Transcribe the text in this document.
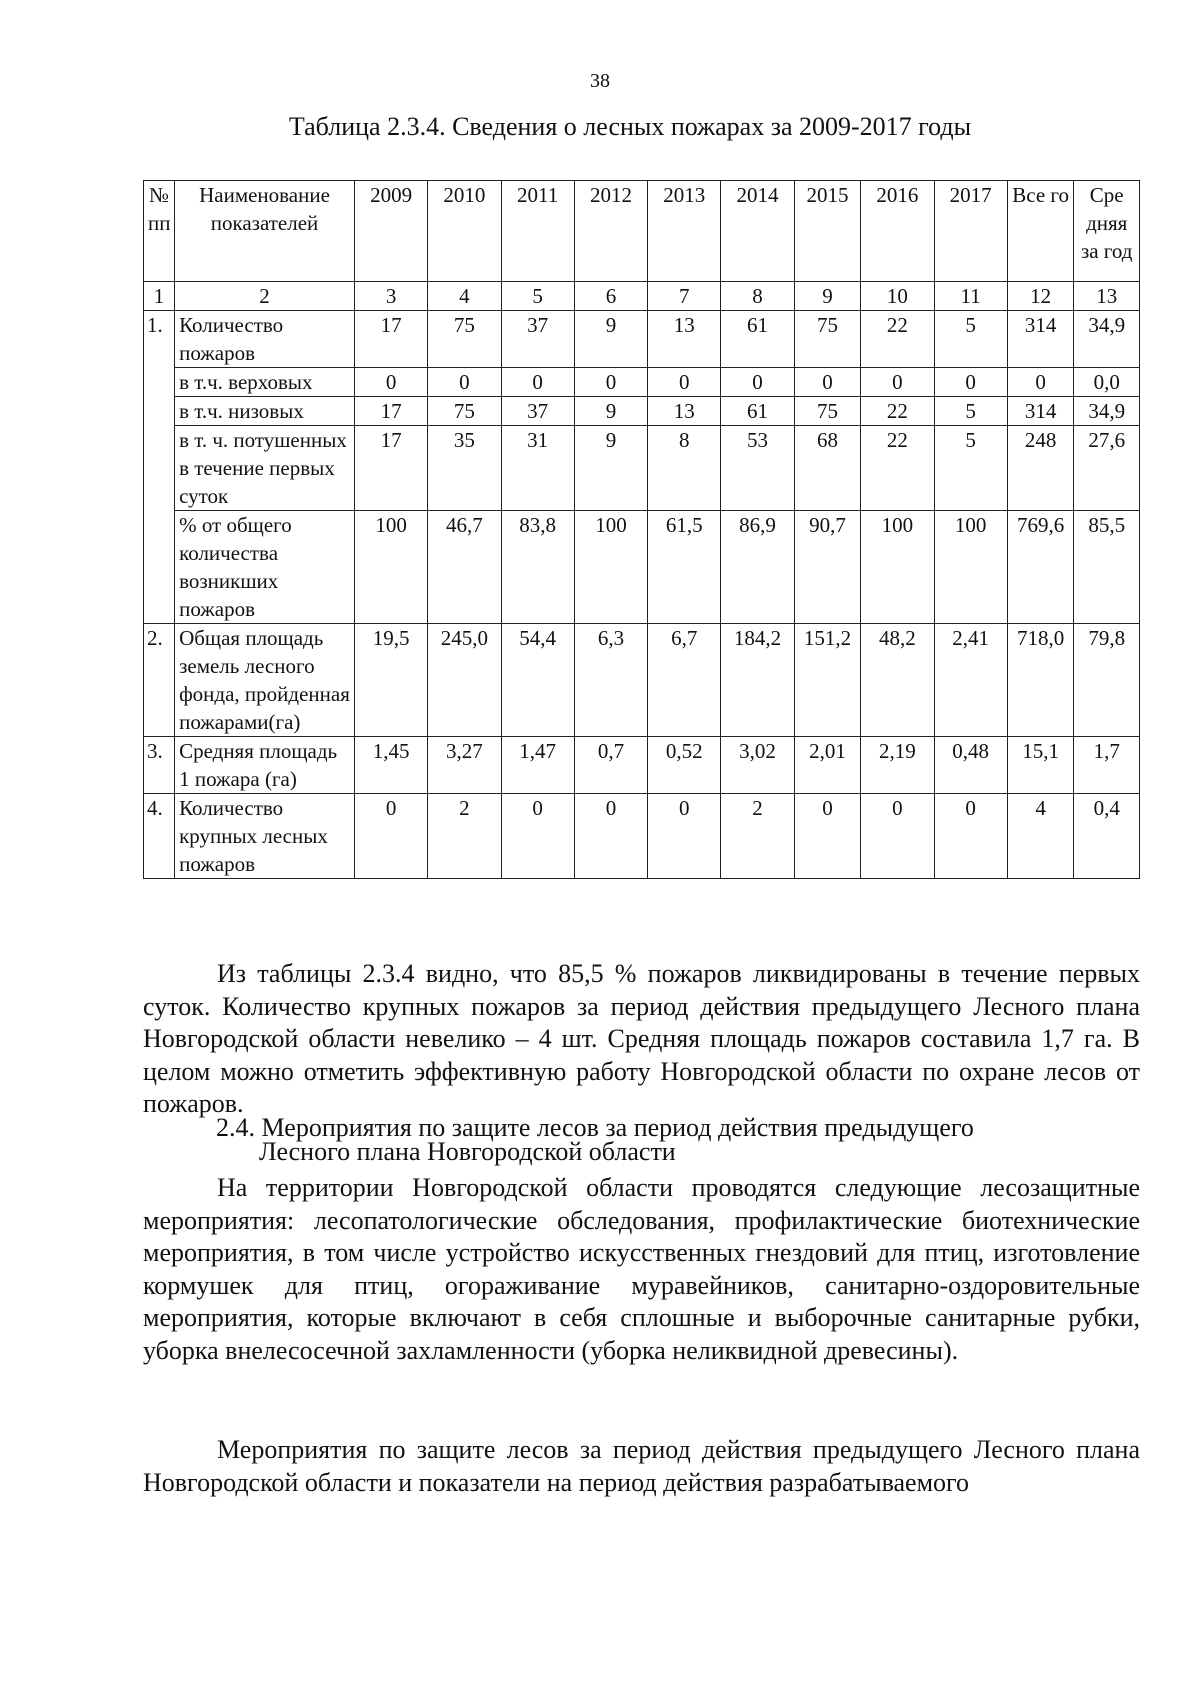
38
Таблица 2.3.4. Сведения о лесных пожарах за 2009-2017 годы
№ пп	Наименование показателей	2009	2010	2011	2012	2013	2014	2015	2016	2017	Все го	Сре дняя за год
1	2	3	4	5	6	7	8	9	10	11	12	13
1.	Количество пожаров	17	75	37	9	13	61	75	22	5	314	34,9
	в т.ч. верховых	0	0	0	0	0	0	0	0	0	0	0,0
	в т.ч. низовых	17	75	37	9	13	61	75	22	5	314	34,9
	в т. ч. потушенных в течение первых суток	17	35	31	9	8	53	68	22	5	248	27,6
	% от общего количества возникших пожаров	100	46,7	83,8	100	61,5	86,9	90,7	100	100	769,6	85,5
2.	Общая площадь земель лесного фонда, пройденная пожарами(га)	19,5	245,0	54,4	6,3	6,7	184,2	151,2	48,2	2,41	718,0	79,8
3.	Средняя площадь 1 пожара (га)	1,45	3,27	1,47	0,7	0,52	3,02	2,01	2,19	0,48	15,1	1,7
4.	Количество крупных лесных пожаров	0	2	0	0	0	2	0	0	0	4	0,4
Из таблицы 2.3.4 видно, что 85,5 % пожаров ликвидированы в течение первых суток. Количество крупных пожаров за период действия предыдущего Лесного плана Новгородской области невелико – 4 шт. Средняя площадь пожаров составила 1,7 га. В целом можно отметить эффективную работу Новгородской области по охране лесов от пожаров.
2.4. Мероприятия по защите лесов за период действия предыдущего
Лесного плана Новгородской области
На территории Новгородской области проводятся следующие лесозащитные мероприятия: лесопатологические обследования, профилактические биотехнические мероприятия, в том числе устройство искусственных гнездовий для птиц, изготовление кормушек для птиц, огораживание муравейников, санитарно-оздоровительные мероприятия, которые включают в себя сплошные и выборочные санитарные рубки, уборка внелесосечной захламленности (уборка неликвидной древесины).
Мероприятия по защите лесов за период действия предыдущего Лесного плана Новгородской области и показатели на период действия разрабатываемого
